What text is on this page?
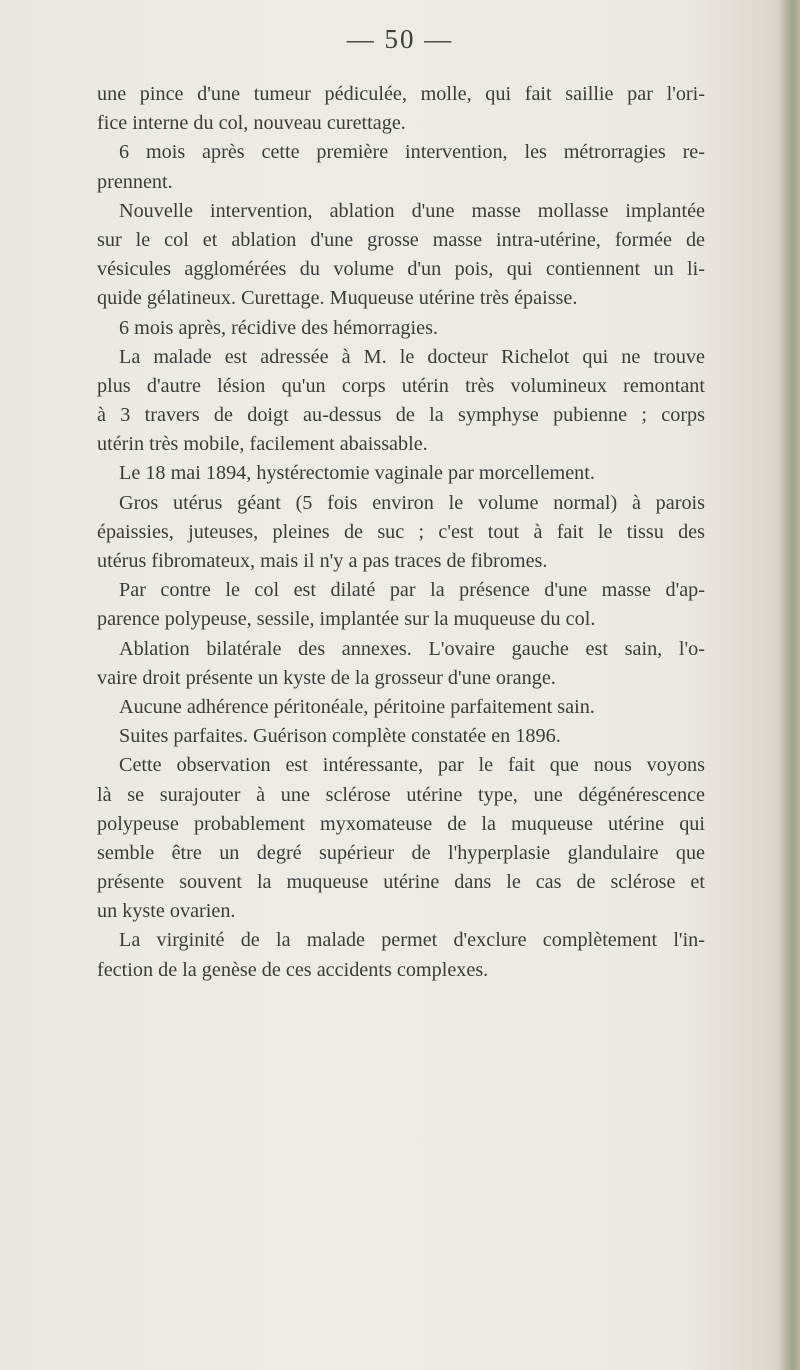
— 50 —
une pince d'une tumeur pédiculée, molle, qui fait saillie par l'ori-
fice interne du col, nouveau curettage.
6 mois après cette première intervention, les métrorragies re-
prennent.
Nouvelle intervention, ablation d'une masse mollasse implantée
sur le col et ablation d'une grosse masse intra-utérine, formée de
vésicules agglomérées du volume d'un pois, qui contiennent un li-
quide gélatineux. Curettage. Muqueuse utérine très épaisse.
6 mois après, récidive des hémorragies.
La malade est adressée à M. le docteur Richelot qui ne trouve
plus d'autre lésion qu'un corps utérin très volumineux remontant
à 3 travers de doigt au-dessus de la symphyse pubienne ; corps
utérin très mobile, facilement abaissable.
Le 18 mai 1894, hystérectomie vaginale par morcellement.
Gros utérus géant (5 fois environ le volume normal) à parois
épaissies, juteuses, pleines de suc ; c'est tout à fait le tissu des
utérus fibromateux, mais il n'y a pas traces de fibromes.
Par contre le col est dilaté par la présence d'une masse d'ap-
parence polypeuse, sessile, implantée sur la muqueuse du col.
Ablation bilatérale des annexes. L'ovaire gauche est sain, l'o-
vaire droit présente un kyste de la grosseur d'une orange.
Aucune adhérence péritonéale, péritoine parfaitement sain.
Suites parfaites. Guérison complète constatée en 1896.
Cette observation est intéressante, par le fait que nous voyons
là se surajouter à une sclérose utérine type, une dégénérescence
polypeuse probablement myxomateuse de la muqueuse utérine qui
semble être un degré supérieur de l'hyperplasie glandulaire que
présente souvent la muqueuse utérine dans le cas de sclérose et
un kyste ovarien.
La virginité de la malade permet d'exclure complètement l'in-
fection de la genèse de ces accidents complexes.
